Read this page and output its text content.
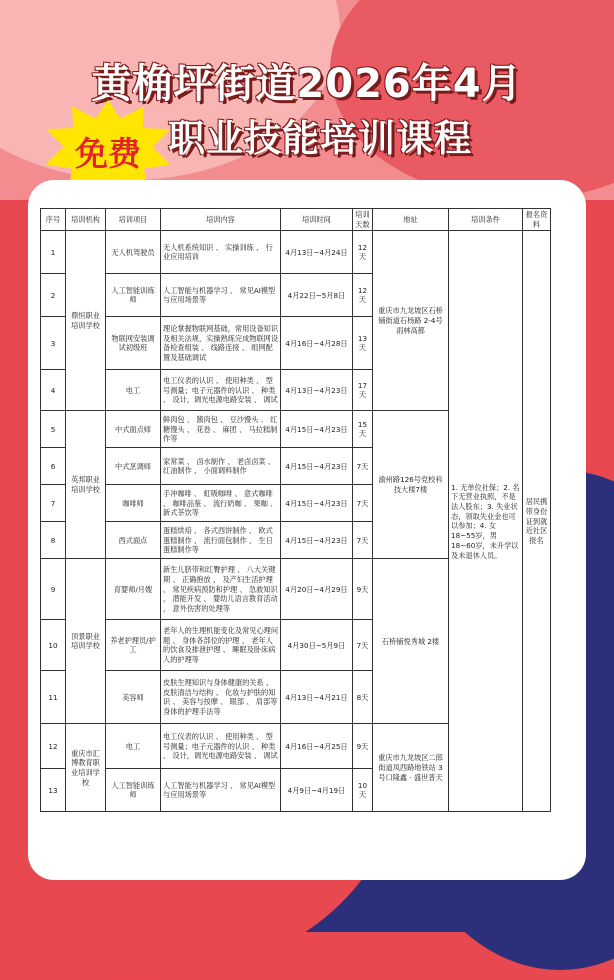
黄桷坪街道2026年4月
免费 职业技能培训课程
序号	培训机构	培训项目	培训内容	培训时间	培训天数	地址	培训条件	报名资料
1	鼎恒职业培训学校	无人机驾驶员	无人机系统知识 、 实操训练 、 行业应用培训	4月13日~4月24日	12天	重庆市九龙坡区石桥铺街道石杨路 2-4号雨林高都	1. 无单位社保；2. 名下无营业执照，不是法人股东；3. 失业状态，领取失业金也可以参加；4. 女18~55岁，男18~60岁，未升学以及未退休人员。	居民携带身份证到就近社区报名
2		人工智能训练师	人工智能与机器学习 、 常见AI模型与应用场景等	4月22日~5月8日	12天			
3		物联网安装调试初级班	理论掌握物联网基础，常用设备知识及相关法规，实操熟练完成物联网设备检查组装 、 线路连接 、 组网配置及基础调试	4月16日~4月28日	13天			
4		电工	电工仪表的认识 、 使用种类 、 型号测量；电子元器件的认识 、 种类 、 设计，调光电源电路安装 、 调试	4月13日~4月23日	17天			
5	英邦职业培训学校	中式面点师	鲜肉包 、 酱肉包 、 豆沙馒头 、 红糖馒头 、 花卷 、 麻团 、 马拉糕制作等	4月15日~4月23日	15天	渝州路126号党校科技大楼7楼		
6		中式烹调师	家常菜 、 卤水制作 、 老卤卤菜 、 红油制作 、 小面调料制作	4月15日~4月23日	7天			
7		咖啡师	手冲咖啡 、 虹吸咖啡 、 意式咖啡 、 咖啡品鉴 、 流行奶咖 、 果咖 、 新式茶饮等	4月15日~4月23日	7天			
8		西式面点	蛋糕烘焙 、 各式西饼制作 、 欧式蛋糕制作 、 流行面包制作 、 生日蛋糕制作等	4月15日~4月23日	7天			
9	顶景职业培训学校	育婴师/月嫂	新生儿脐带和红臀护理 、 八大关键期 、 正确抱放 ， 及产妇生活护理 、 常见疾病预防和护理 、 急救知识 ， 潜能开发 、 婴幼儿语言教育活动 ， 意外伤害的处理等	4月20日~4月29日	9天	石桥铺悦秀城 2楼		
10		养老护理员/护工	老年人的生理机能变化及常见心理问题 、 身体各部位的护理 、 老年人的饮食及排泄护理 、 睡眠及卧床病人的护理等	4月30日~5月9日	7天			
11		美容师	皮肤生理知识与身体健康的关系 、 皮肤清洁与结构 、 化妆与护肤的知识 、 美容与按摩 、 眼部 、 肩部等身体的护理手法等	4月13日~4月21日	8天			
12	重庆市汇博教育职业培训学校	电工	电工仪表的认识 、 使用种类 、 型号测量；电子元器件的认识 、 种类 、 设计，调光电源电路安装 、 调试	4月16日~4月25日	9天	重庆市九龙坡区二郎街道凤西路地铁站 3号口隆鑫 · 盛世普天		
13		人工智能训练师	人工智能与机器学习 、 常见AI模型与应用场景等	4月9日~4月19日	10天			
